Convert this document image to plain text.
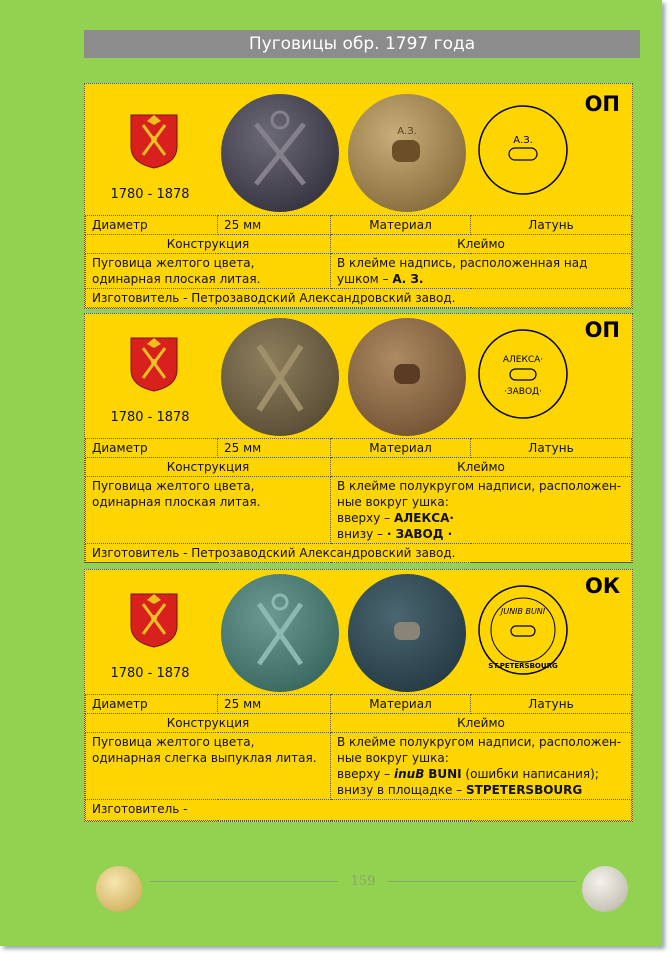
Пуговицы обр. 1797 года
1780 - 1878
А.З.
А.З.
ОП
Диаметр	25 мм	Материал	Латунь
Конструкция		Клеймо	
Пуговица желтого цвета, одинарная плоская литая.		В клейме надпись, расположенная над ушком – А. З.	
Изготовитель - Петрозаводский Александровский завод.			
1780 - 1878
АЛЕКСА·
·ЗАВОД·
ОП
Диаметр	25 мм	Материал	Латунь
Конструкция		Клеймо	
Пуговица желтого цвета, одинарная плоская литая.		В клейме полукругом надписи, расположен-ные вокруг ушка:
вверху – АЛЕКСА·
внизу – · ЗАВОД ·	
Изготовитель - Петрозаводский Александровский завод.			
1780 - 1878
JUNIB BUNI
ST.PETERSBOURG
ОК
Диаметр	25 мм	Материал	Латунь
Конструкция		Клеймо	
Пуговица желтого цвета, одинарная слегка выпуклая литая.		В клейме полукругом надписи, расположен-ные вокруг ушка:
вверху – inuB BUNI (ошибки написания);
внизу в площадке – STPETERSBOURG	
Изготовитель -			
159
